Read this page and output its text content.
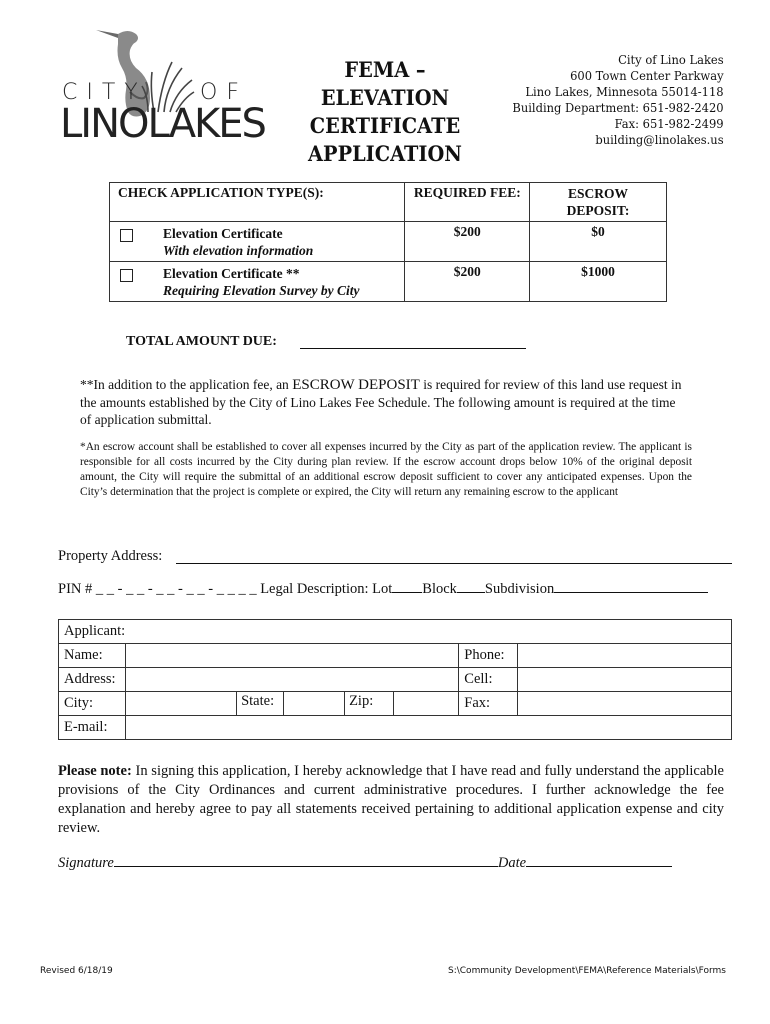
CITY OF
LINOLAKES
FEMA – ELEVATION
CERTIFICATE
APPLICATION
City of Lino Lakes
600 Town Center Parkway
Lino Lakes, Minnesota 55014-118
Building Department: 651-982-2420
Fax: 651-982-2499
building@linolakes.us
CHECK APPLICATION TYPE(S):	REQUIRED FEE:	ESCROW DEPOSIT:

Elevation Certificate
With elevation information	$200	$0

Elevation Certificate **
Requiring Elevation Survey by City	$200	$1000
TOTAL AMOUNT DUE:
**In addition to the application fee, an ESCROW DEPOSIT is required for review of this land use request in the amounts established by the City of Lino Lakes Fee Schedule. The following amount is required at the time of application submittal.
*An escrow account shall be established to cover all expenses incurred by the City as part of the application review. The applicant is responsible for all costs incurred by the City during plan review. If the escrow account drops below 10% of the original deposit amount, the City will require the submittal of an additional escrow deposit sufficient to cover any anticipated expenses. Upon the City’s determination that the project is complete or expired, the City will return any remaining escrow to the applicant
Property Address:
PIN # _ _ - _ _ - _ _ - _ _ - _ _ _ _ Legal Description: Lot Block Subdivision
Applicant:					
Name:				Phone:	
Address:				Cell:	
City:		State: Zip:		Fax:	
E-mail:					
Please note: In signing this application, I hereby acknowledge that I have read and fully understand the applicable provisions of the City Ordinances and current administrative procedures. I further acknowledge the fee explanation and hereby agree to pay all statements received pertaining to additional application expense and city review.
Signature	Date
Revised 6/18/19	S:\Community Development\FEMA\Reference Materials\Forms
